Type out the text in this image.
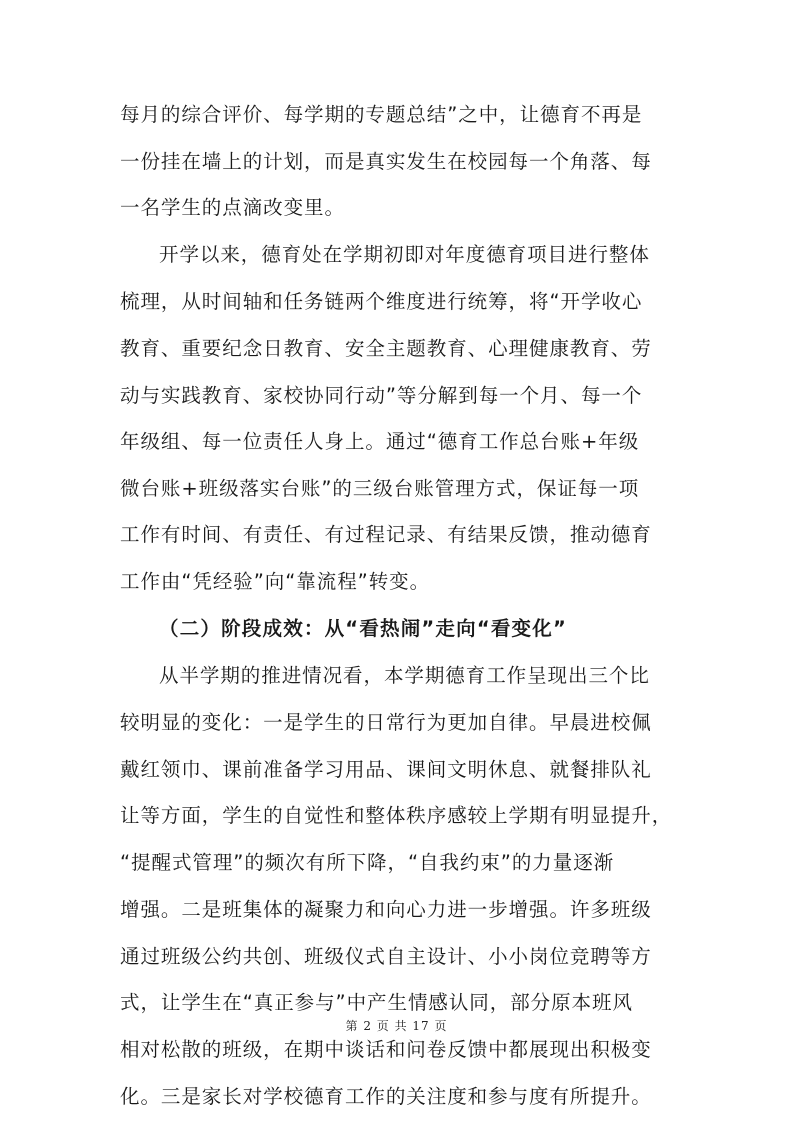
每月的综合评价、每学期的专题总结”之中，让德育不再是
一份挂在墙上的计划，而是真实发生在校园每一个角落、每
一名学生的点滴改变里。
开学以来，德育处在学期初即对年度德育项目进行整体
梳理，从时间轴和任务链两个维度进行统筹，将“开学收心
教育、重要纪念日教育、安全主题教育、心理健康教育、劳
动与实践教育、家校协同行动”等分解到每一个月、每一个
年级组、每一位责任人身上。通过“德育工作总台账+年级
微台账+班级落实台账”的三级台账管理方式，保证每一项
工作有时间、有责任、有过程记录、有结果反馈，推动德育
工作由“凭经验”向“靠流程”转变。
（二）阶段成效：从“看热闹”走向“看变化”
从半学期的推进情况看，本学期德育工作呈现出三个比
较明显的变化：一是学生的日常行为更加自律。早晨进校佩
戴红领巾、课前准备学习用品、课间文明休息、就餐排队礼
让等方面，学生的自觉性和整体秩序感较上学期有明显提升，
“提醒式管理”的频次有所下降，“自我约束”的力量逐渐
增强。二是班集体的凝聚力和向心力进一步增强。许多班级
通过班级公约共创、班级仪式自主设计、小小岗位竞聘等方
式，让学生在“真正参与”中产生情感认同，部分原本班风
相对松散的班级，在期中谈话和问卷反馈中都展现出积极变
化。三是家长对学校德育工作的关注度和参与度有所提升。
第 2 页 共 17 页
